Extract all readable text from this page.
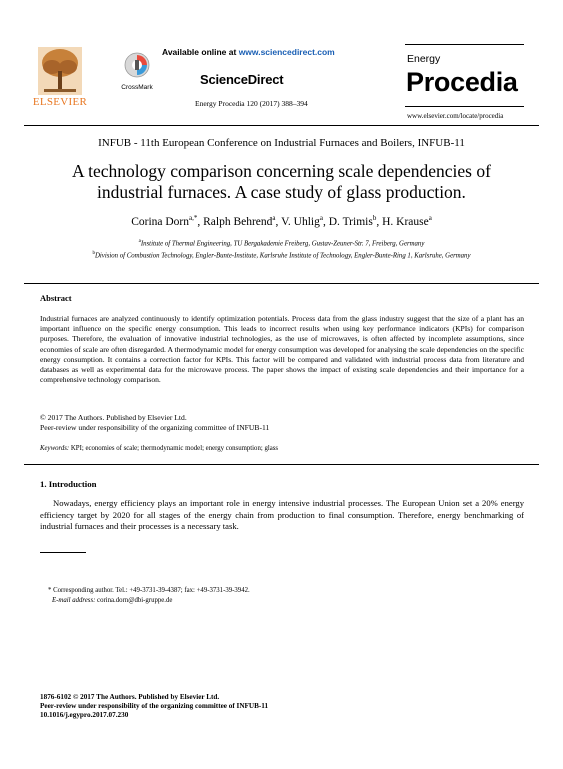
ELSEVIER
CrossMark
Available online at www.sciencedirect.com
ScienceDirect
Energy Procedia 120 (2017) 388–394
Energy
Procedia
www.elsevier.com/locate/procedia
INFUB - 11th European Conference on Industrial Furnaces and Boilers, INFUB-11
A technology comparison concerning scale dependencies of
industrial furnaces. A case study of glass production.
Corina Dorn$^{a,*}$, Ralph Behrend$^a$, V. Uhlig$^a$, D. Trimis$^b$, H. Krause$^a$
$^a$Institute of Thermal Engineering, TU Bergakademie Freiberg, Gustav-Zeuner-Str. 7, Freiberg, Germany
$^b$Division of Combustion Technology, Engler-Bunte-Institute, Karlsruhe Institute of Technology, Engler-Bunte-Ring 1, Karlsruhe, Germany
Abstract
Industrial furnaces are analyzed continuously to identify optimization potentials. Process data from the glass industry suggest that the size of a plant has an important influence on the specific energy consumption. This leads to incorrect results when using key performance indicators (KPIs) for comparison purposes. Therefore, the evaluation of innovative industrial technologies, as the use of microwaves, is often affected by incomplete assumptions, since economies of scale are often disregarded. A thermodynamic model for energy consumption was developed for analysing the scale dependencies on the specific energy consumption. It contains a correction factor for KPIs. This factor will be compared and validated with industrial process data from literature and databases as well as experimental data for the microwave process. The paper shows the impact of existing scale dependencies and their importance for a comprehensive technology comparison.
© 2017 The Authors. Published by Elsevier Ltd.
Peer-review under responsibility of the organizing committee of INFUB-11
Keywords: KPI; economies of scale; thermodynamic model; energy consumption; glass
1. Introduction
Nowadays, energy efficiency plays an important role in energy intensive industrial processes. The European Union set a 20% energy efficiency target by 2020 for all stages of the energy chain from production to final consumption. Therefore, energy benchmarking of industrial furnaces and their processes is a necessary task.
* Corresponding author. Tel.: +49-3731-39-4387; fax: +49-3731-39-3942.
E-mail address: corina.dorn@dbi-gruppe.de
1876-6102 © 2017 The Authors. Published by Elsevier Ltd.
Peer-review under responsibility of the organizing committee of INFUB-11
10.1016/j.egypro.2017.07.230
